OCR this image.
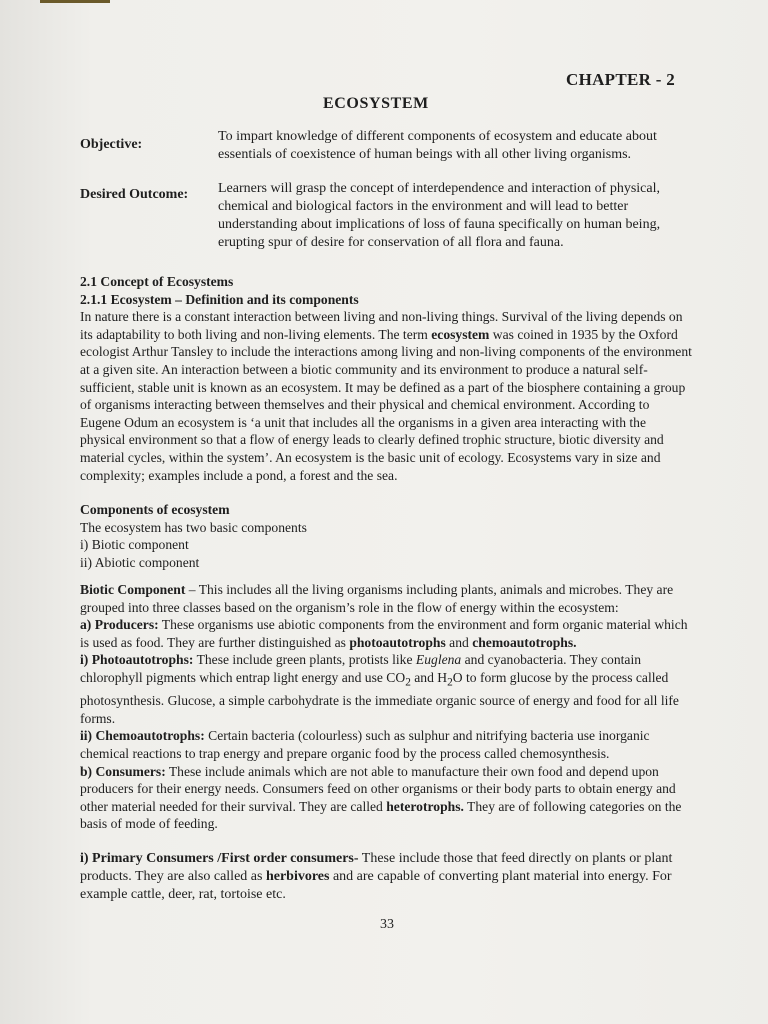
CHAPTER - 2
ECOSYSTEM
Objective:
To impart knowledge of different components of ecosystem and educate about essentials of coexistence of human beings with all other living organisms.
Desired Outcome: Learners will grasp the concept of interdependence and interaction of physical, chemical and biological factors in the environment and will lead to better understanding about implications of loss of fauna specifically on human being, erupting spur of desire for conservation of all flora and fauna.
2.1 Concept of Ecosystems
2.1.1 Ecosystem – Definition and its components
In nature there is a constant interaction between living and non-living things. Survival of the living depends on its adaptability to both living and non-living elements. The term ecosystem was coined in 1935 by the Oxford ecologist Arthur Tansley to include the interactions among living and non-living components of the environment at a given site. An interaction between a biotic community and its environment to produce a natural self-sufficient, stable unit is known as an ecosystem. It may be defined as a part of the biosphere containing a group of organisms interacting between themselves and their physical and chemical environment. According to Eugene Odum an ecosystem is ‘a unit that includes all the organisms in a given area interacting with the physical environment so that a flow of energy leads to clearly defined trophic structure, biotic diversity and material cycles, within the system’. An ecosystem is the basic unit of ecology. Ecosystems vary in size and complexity; examples include a pond, a forest and the sea.
Components of ecosystem
The ecosystem has two basic components
i) Biotic component
ii) Abiotic component
Biotic Component – This includes all the living organisms including plants, animals and microbes. They are grouped into three classes based on the organism’s role in the flow of energy within the ecosystem:
a) Producers: These organisms use abiotic components from the environment and form organic material which is used as food. They are further distinguished as photoautotrophs and chemoautotrophs.
i) Photoautotrophs: These include green plants, protists like Euglena and cyanobacteria. They contain chlorophyll pigments which entrap light energy and use $CO_2$ and $H_2O$ to form glucose by the process called photosynthesis. Glucose, a simple carbohydrate is the immediate organic source of energy and food for all life forms.
ii) Chemoautotrophs: Certain bacteria (colourless) such as sulphur and nitrifying bacteria use inorganic chemical reactions to trap energy and prepare organic food by the process called chemosynthesis.
b) Consumers: These include animals which are not able to manufacture their own food and depend upon producers for their energy needs. Consumers feed on other organisms or their body parts to obtain energy and other material needed for their survival. They are called heterotrophs. They are of following categories on the basis of mode of feeding.
i) Primary Consumers /First order consumers- These include those that feed directly on plants or plant products. They are also called as herbivores and are capable of converting plant material into energy. For example cattle, deer, rat, tortoise etc.
33
